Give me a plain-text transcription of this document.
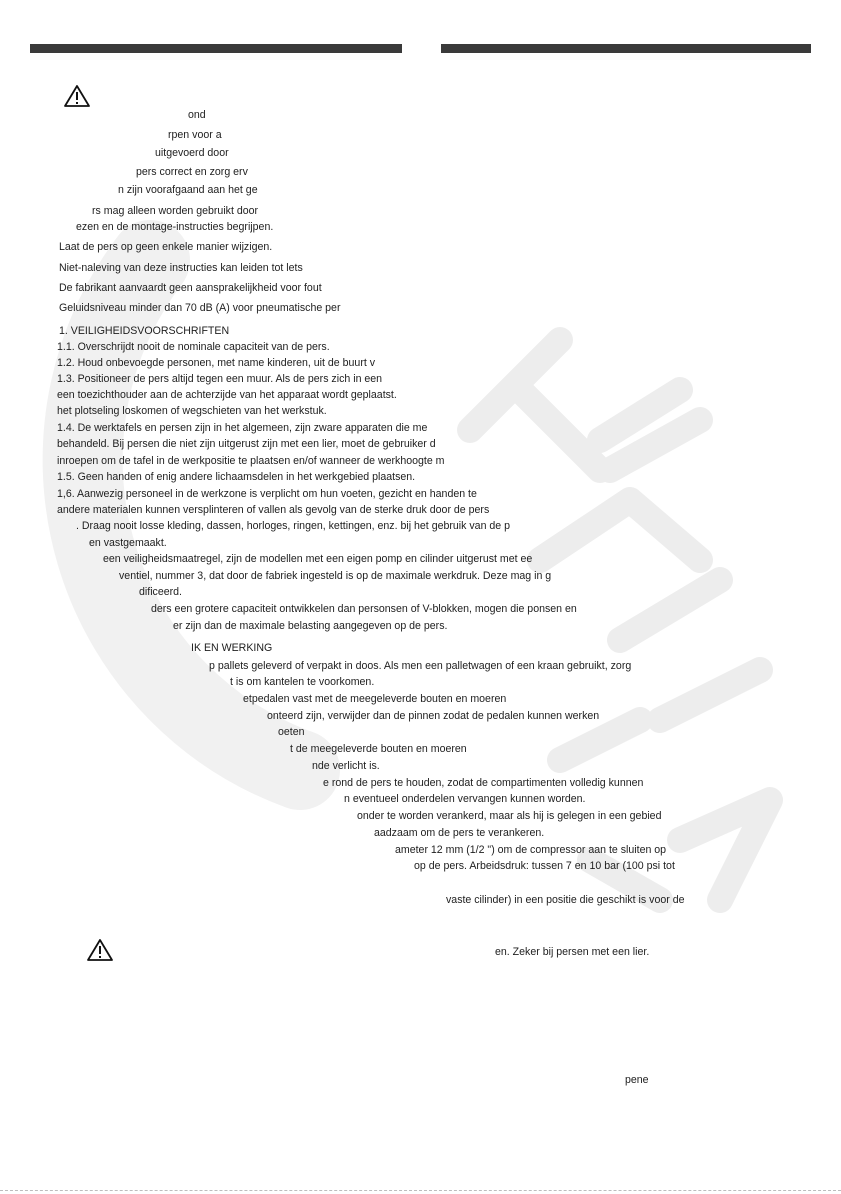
ond
rpen voor a
uitgevoerd door
pers correct en zorg erv
n zijn voorafgaand aan het ge
rs mag alleen worden gebruikt door
ezen en de montage-instructies begrijpen.
Laat de pers op geen enkele manier wijzigen.
Niet-naleving van deze instructies kan leiden tot lets
De fabrikant aanvaardt geen aansprakelijkheid voor fout
Geluidsniveau minder dan 70 dB (A) voor pneumatische per
1. VEILIGHEIDSVOORSCHRIFTEN
1.1. Overschrijdt nooit de nominale capaciteit van de pers.
1.2. Houd onbevoegde personen, met name kinderen, uit de buurt v
1.3. Positioneer de pers altijd tegen een muur. Als de pers zich in een
een toezichthouder aan de achterzijde van het apparaat wordt geplaatst.
het plotseling loskomen of wegschieten van het werkstuk.
1.4. De werktafels en persen zijn in het algemeen, zijn zware apparaten die me
behandeld. Bij persen die niet zijn uitgerust zijn met een lier, moet de gebruiker d
inroepen om de tafel in de werkpositie te plaatsen en/of wanneer de werkhoogte m
1.5. Geen handen of enig andere lichaamsdelen in het werkgebied plaatsen.
1,6. Aanwezig personeel in de werkzone is verplicht om hun voeten, gezicht en handen te
andere materialen kunnen versplinteren of vallen als gevolg van de sterke druk door de pers
. Draag nooit losse kleding, dassen, horloges, ringen, kettingen, enz. bij het gebruik van de p
en vastgemaakt.
een veiligheidsmaatregel, zijn de modellen met een eigen pomp en cilinder uitgerust met ee
ventiel, nummer 3, dat door de fabriek ingesteld is op de maximale werkdruk. Deze mag in g
dificeerd.
ders een grotere capaciteit ontwikkelen dan personsen of V-blokken, mogen die ponsen en
er zijn dan de maximale belasting aangegeven op de pers.
IK EN WERKING
p pallets geleverd of verpakt in doos. Als men een palletwagen of een kraan gebruikt, zorg
t is om kantelen te voorkomen.
etpedalen vast met de meegeleverde bouten en moeren
onteerd zijn, verwijder dan de pinnen zodat de pedalen kunnen werken
oeten
t de meegeleverde bouten en moeren
nde verlicht is.
e rond de pers te houden, zodat de compartimenten volledig kunnen
n eventueel onderdelen vervangen kunnen worden.
onder te worden verankerd, maar als hij is gelegen in een gebied
aadzaam om de pers te verankeren.
ameter 12 mm (1/2 ") om de compressor aan te sluiten op
op de pers. Arbeidsdruk: tussen 7 en 10 bar (100 psi tot
vaste cilinder) in een positie die geschikt is voor de
en. Zeker bij persen met een lier.
pene
